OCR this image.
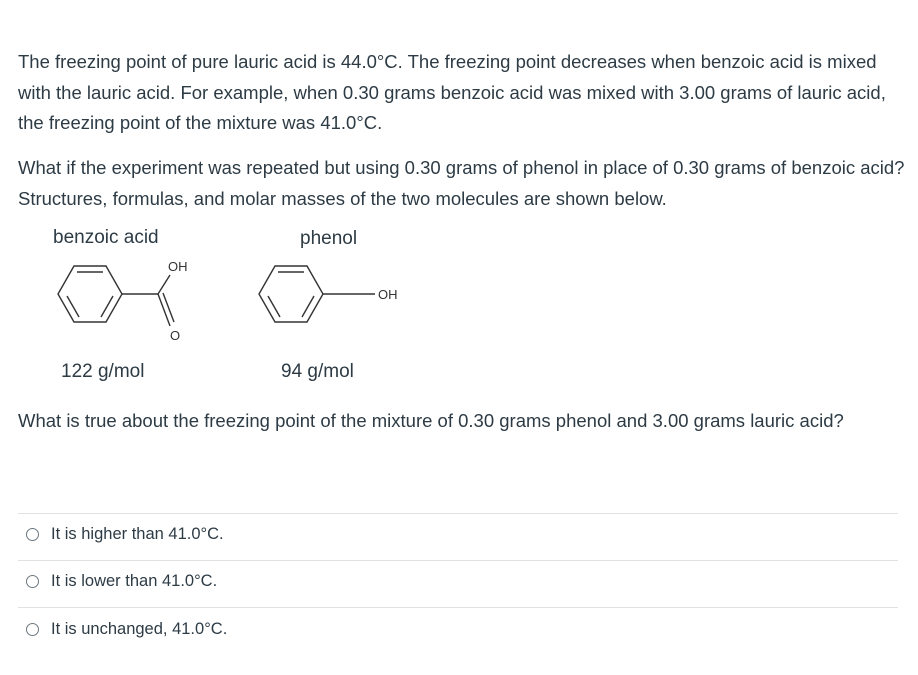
The freezing point of pure lauric acid is 44.0°C. The freezing point decreases when benzoic acid is mixed with the lauric acid. For example, when 0.30 grams benzoic acid was mixed with 3.00 grams of lauric acid, the freezing point of the mixture was 41.0°C.

What if the experiment was repeated but using 0.30 grams of phenol in place of 0.30 grams of benzoic acid? Structures, formulas, and molar masses of the two molecules are shown below.

benzoic acid	phenol
OH
O
OH
122 g/mol	94 g/mol

What is true about the freezing point of the mixture of 0.30 grams phenol and 3.00 grams lauric acid?

It is higher than 41.0°C.
It is lower than 41.0°C.
It is unchanged, 41.0°C.
